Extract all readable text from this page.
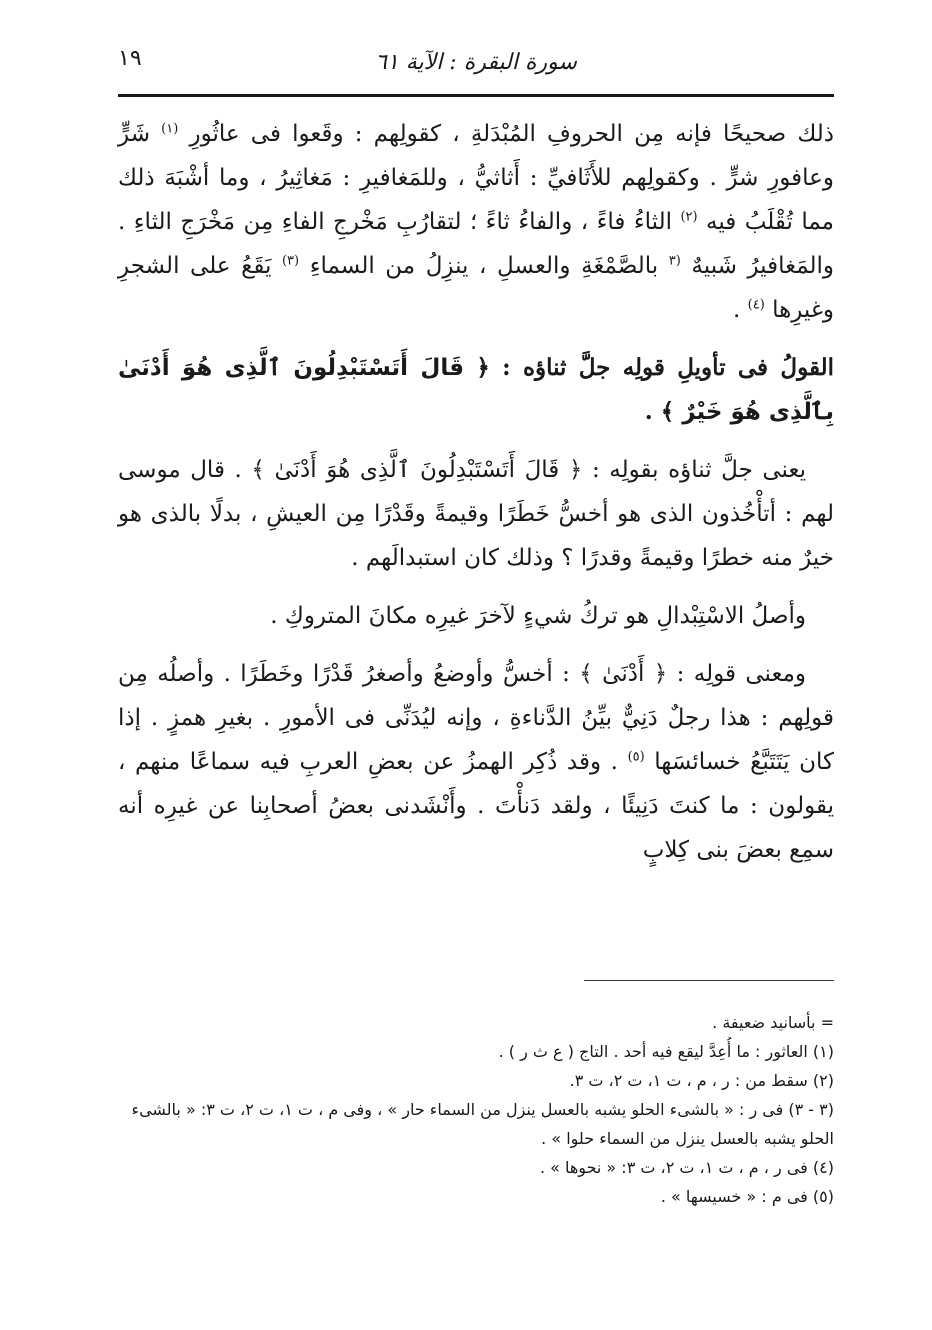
سورة البقرة : الآية ٦١
١٩

ذلك صحيحًا فإنه مِن الحروفِ المُبْدَلةِ ، كقولِهم : وقَعوا فى عاثُورِ $^{(١)}$ شَرٍّ وعافورِ شرٍّ . وكقولِهم للأَثَافيِّ : أَثاثيُّ ، وللمَغافيرِ : مَغاثِيرُ ، وما أشْبَهَ ذلك مما تُقْلَبُ فيه $^{(٢)}$ الثاءُ فاءً ، والفاءُ ثاءً ؛ لتقارُبِ مَخْرجِ الفاءِ مِن مَخْرَجِ الثاءِ . والمَغافيرُ شَبيهٌ $^{(٣}$ بالصَّمْغَةِ والعسلِ ، ينزِلُ من السماءِ $^{(٣)}$ يَقَعُ على الشجرِ وغيرِها $^{(٤)}$ .

القولُ فى تأويلِ قولِه جلَّ ثناؤه : ﴿ قَالَ أَتَسْتَبْدِلُونَ ٱلَّذِى هُوَ أَدْنَىٰ بِٱلَّذِى هُوَ خَيْرٌ ﴾ .

يعنى جلَّ ثناؤه بقولِه : ﴿ قَالَ أَتَسْتَبْدِلُونَ ٱلَّذِى هُوَ أَدْنَىٰ ﴾ . قال موسى لهم : أتأْخُذون الذى هو أخسُّ خَطَرًا وقيمةً وقَدْرًا مِن العيشِ ، بدلًا بالذى هو خيرٌ منه خطرًا وقيمةً وقدرًا ؟ وذلك كان استبدالَهم .

وأصلُ الاسْتِبْدالِ هو تركُ شيءٍ لآخرَ غيرِه مكانَ المتروكِ .

ومعنى قولِه : ﴿ أَدْنَىٰ ﴾ : أخسُّ وأوضعُ وأصغرُ قَدْرًا وخَطَرًا . وأصلُه مِن قولِهم : هذا رجلٌ دَنِيٌّ بيِّنُ الدَّناءةِ ، وإنه ليُدَنِّى فى الأمورِ . بغيرِ همزٍ . إذا كان يَتَتَبَّعُ خسائسَها $^{(٥)}$ . وقد ذُكِر الهمزُ عن بعضِ العربِ فيه سماعًا منهم ، يقولون : ما كنتَ دَنِيئًا ، ولقد دَنأْتَ . وأَنْشَدنى بعضُ أصحابِنا عن غيرِه أنه سمِع بعضَ بنى كِلابٍ

= بأسانيد ضعيفة .
(١) العاثور : ما أُعِدَّ ليقع فيه أحد . التاج ( ع ث ر ) .
(٢) سقط من : ر ، م ، ت ١، ت ٢، ت ٣.
(٣ - ٣) فى ر : « بالشىء الحلو يشبه بالعسل ينزل من السماء حار » ، وفى م ، ت ١، ت ٢، ت ٣: « بالشىء
الحلو يشبه بالعسل ينزل من السماء حلوا » .
(٤) فى ر ، م ، ت ١، ت ٢، ت ٣: « نحوها » .
(٥) فى م : « خسيسها » .
